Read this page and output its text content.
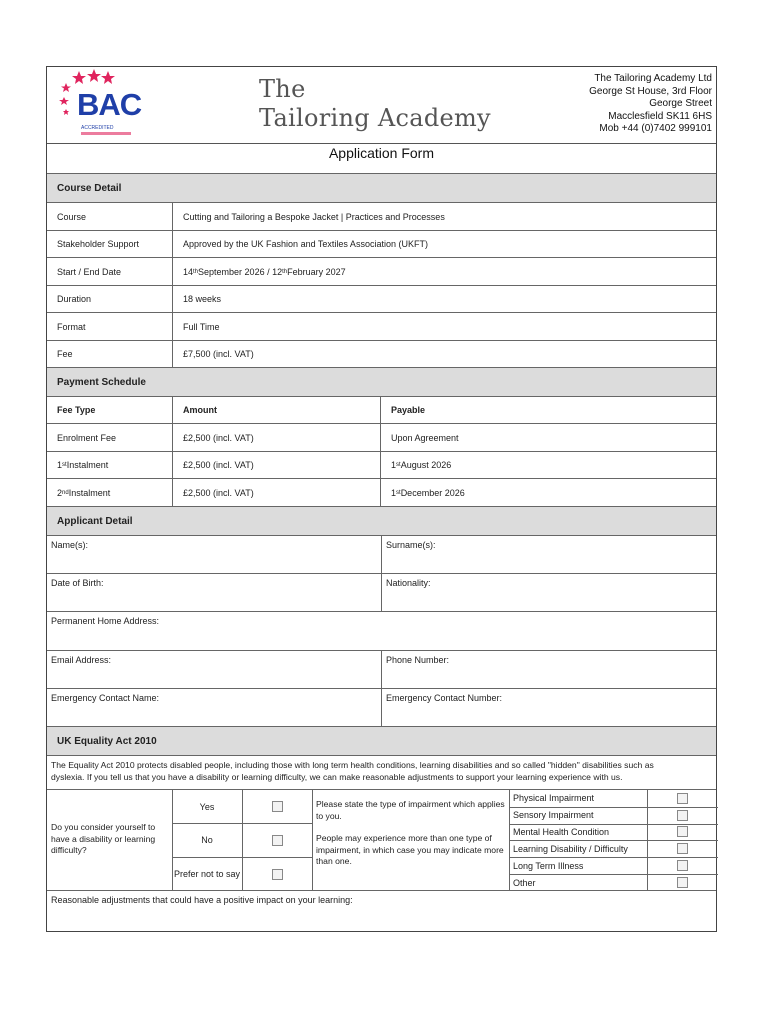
BAC
ACCREDITED
The
Tailoring Academy
The Tailoring Academy Ltd
George St House, 3rd Floor
George Street
Macclesfield SK11 6HS
Mob +44 (0)7402 999101
Application Form
Course Detail
Course	Cutting and Tailoring a Bespoke Jacket | Practices and Processes
Stakeholder Support	Approved by the UK Fashion and Textiles Association (UKFT)
Start / End Date	14 th September 2026 / 12 th February 2027
Duration	18 weeks
Format	Full Time
Fee	£7,500 (incl. VAT)
Payment Schedule
Fee Type	Amount	Payable
Enrolment Fee	£2,500 (incl. VAT)	Upon Agreement
1 st Instalment	£2,500 (incl. VAT)	1 st August 2026
2 nd Instalment	£2,500 (incl. VAT)	1 st December 2026
Applicant Detail
Name(s):	Surname(s):
Date of Birth:	Nationality:
Permanent Home Address:
Email Address:	Phone Number:
Emergency Contact Name:	Emergency Contact Number:
UK Equality Act 2010
The Equality Act 2010 protects disabled people, including those with long term health conditions, learning disabilities and so called "hidden" disabilities such as
dyslexia. If you tell us that you have a disability or learning difficulty, we can make reasonable adjustments to support your learning experience with us.
Do you consider yourself to have a disability or learning difficulty?
Yes
No
Prefer not to say
Please state the type of impairment which applies to you.
People may experience more than one type of impairment, in which case you may indicate more than one.
Physical Impairment
Sensory Impairment
Mental Health Condition
Learning Disability / Difficulty
Long Term Illness
Other
Reasonable adjustments that could have a positive impact on your learning:
